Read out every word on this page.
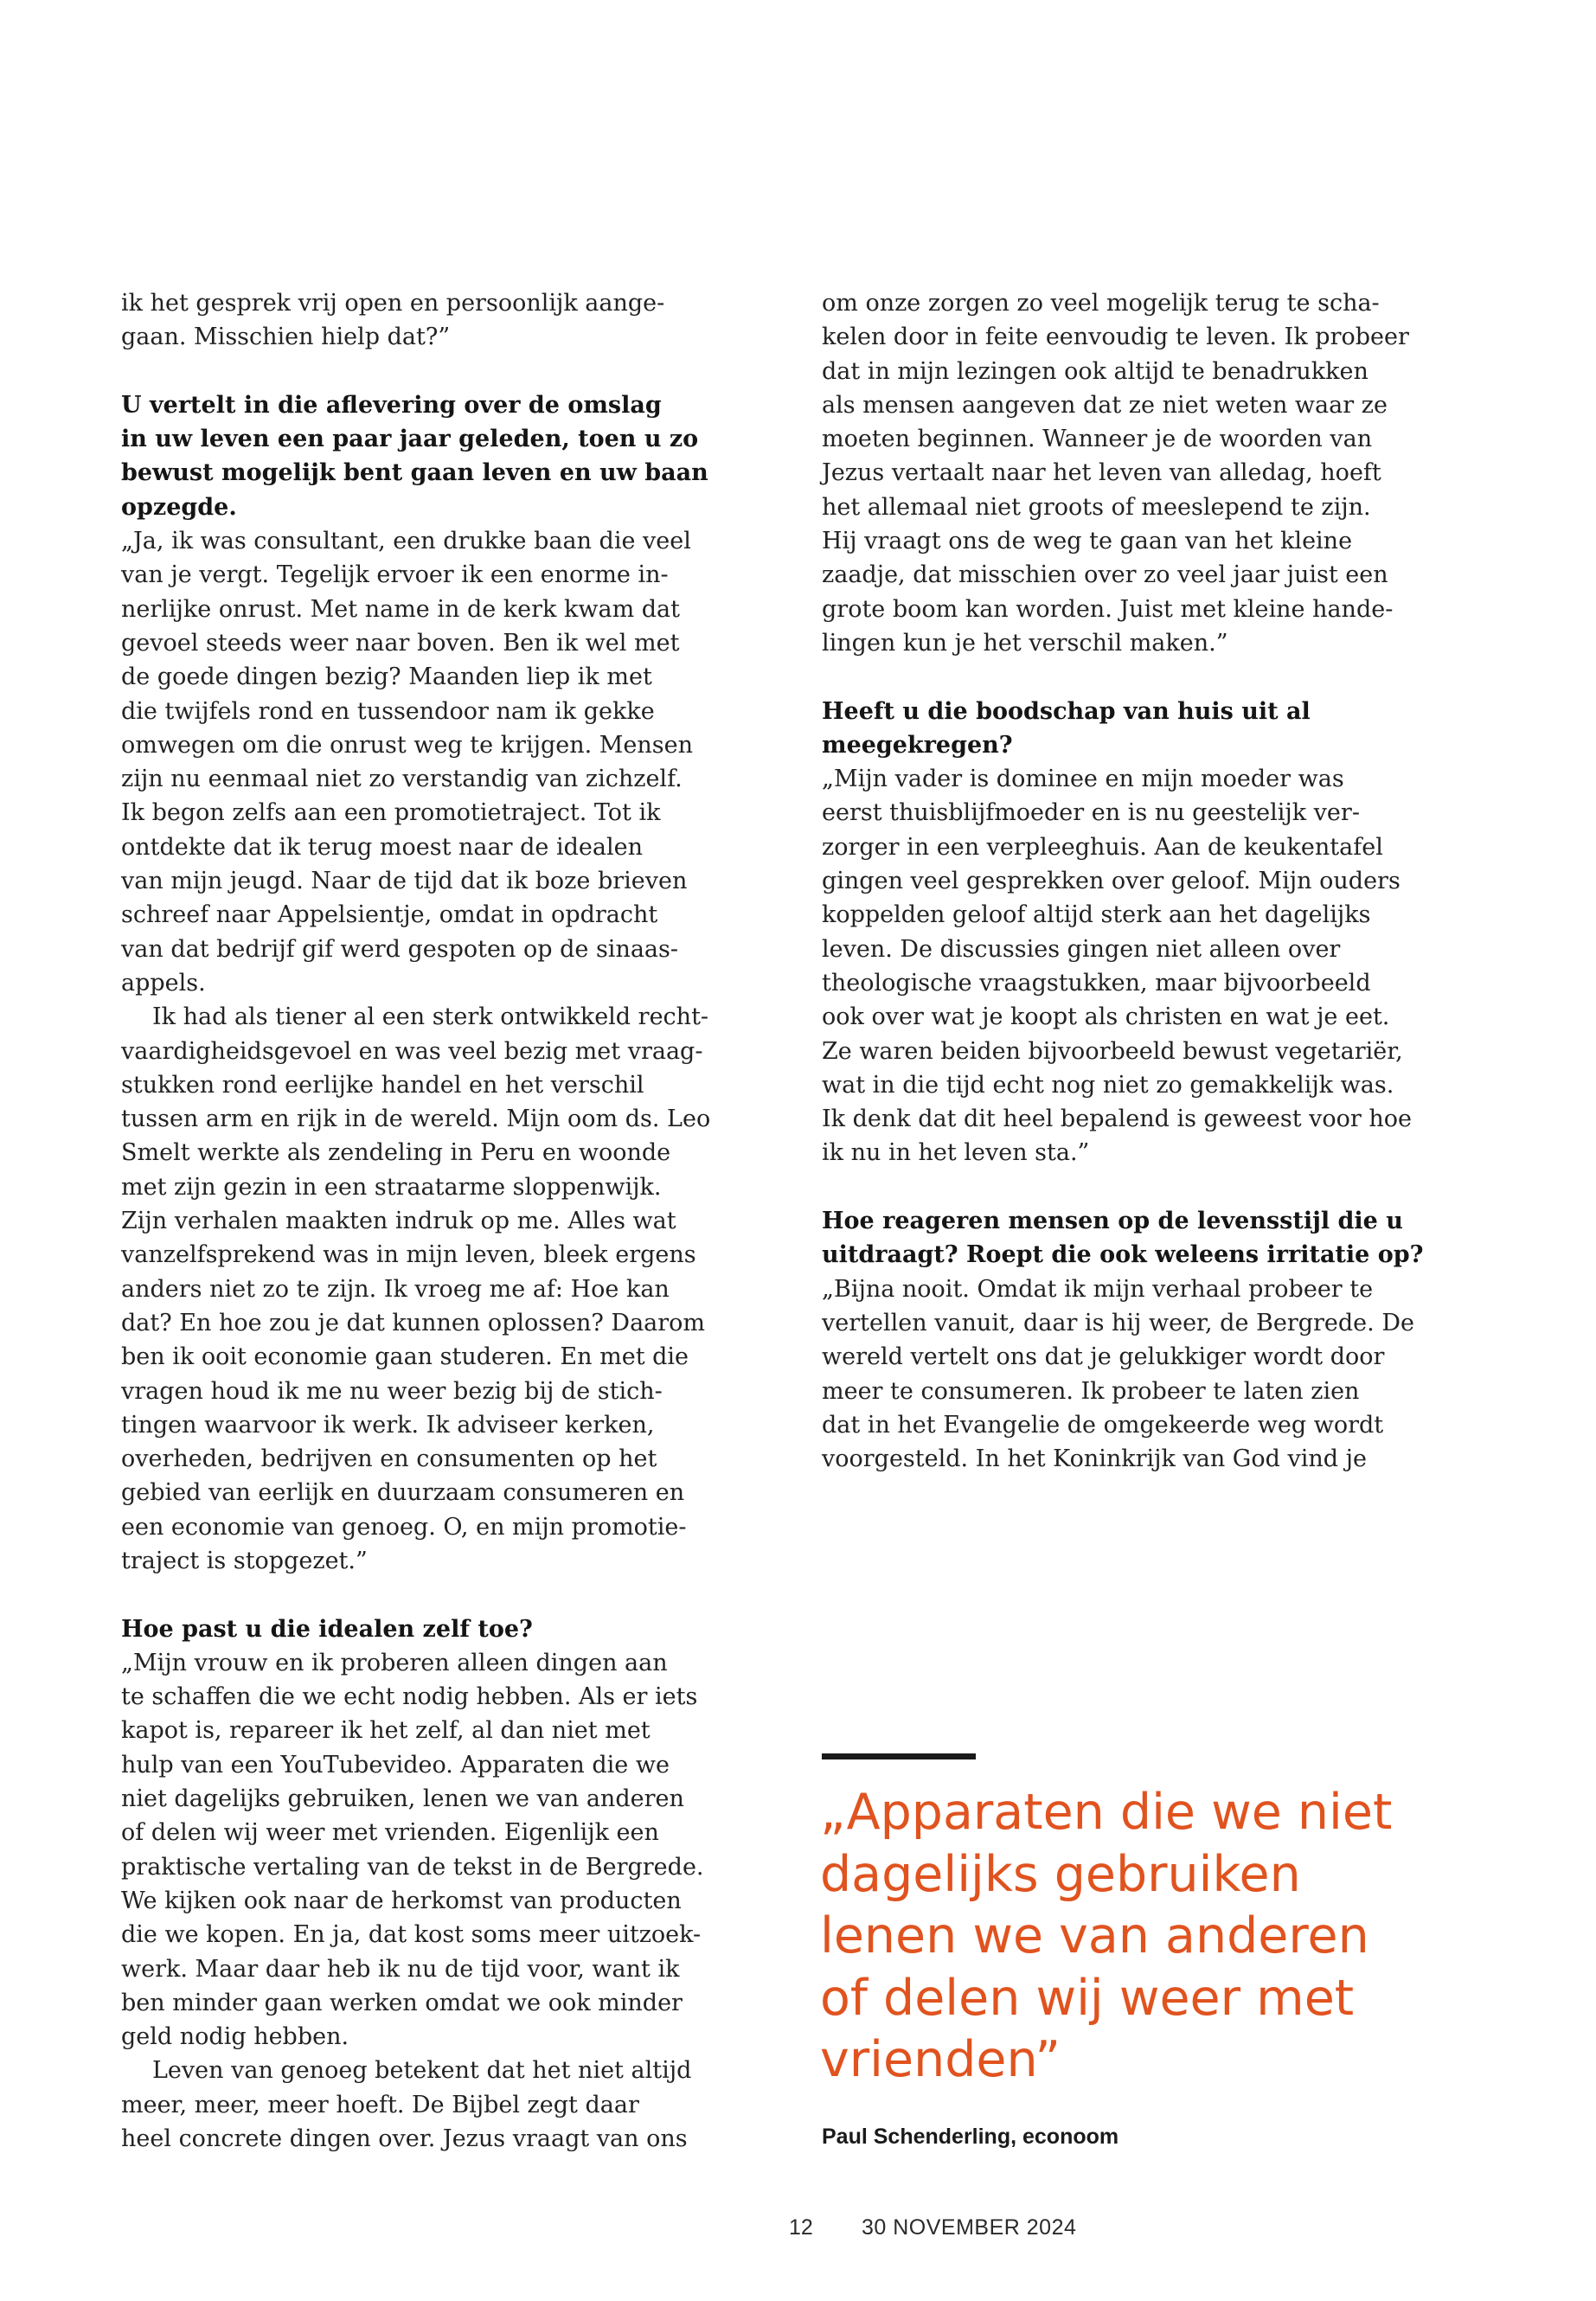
ik het gesprek vrij open en persoonlijk aange-
gaan. Misschien hielp dat?”
U vertelt in die aflevering over de omslag
in uw leven een paar jaar geleden, toen u zo
bewust mogelijk bent gaan leven en uw baan
opzegde.
„Ja, ik was consultant, een drukke baan die veel
van je vergt. Tegelijk ervoer ik een enorme in-
nerlijke onrust. Met name in de kerk kwam dat
gevoel steeds weer naar boven. Ben ik wel met
de goede dingen bezig? Maanden liep ik met
die twijfels rond en tussendoor nam ik gekke
omwegen om die onrust weg te krijgen. Mensen
zijn nu eenmaal niet zo verstandig van zichzelf.
Ik begon zelfs aan een promotietraject. Tot ik
ontdekte dat ik terug moest naar de idealen
van mijn jeugd. Naar de tijd dat ik boze brieven
schreef naar Appelsientje, omdat in opdracht
van dat bedrijf gif werd gespoten op de sinaas-
appels.
Ik had als tiener al een sterk ontwikkeld recht-
vaardigheidsgevoel en was veel bezig met vraag-
stukken rond eerlijke handel en het verschil
tussen arm en rijk in de wereld. Mijn oom ds. Leo
Smelt werkte als zendeling in Peru en woonde
met zijn gezin in een straatarme sloppenwijk.
Zijn verhalen maakten indruk op me. Alles wat
vanzelfsprekend was in mijn leven, bleek ergens
anders niet zo te zijn. Ik vroeg me af: Hoe kan
dat? En hoe zou je dat kunnen oplossen? Daarom
ben ik ooit economie gaan studeren. En met die
vragen houd ik me nu weer bezig bij de stich-
tingen waarvoor ik werk. Ik adviseer kerken,
overheden, bedrijven en consumenten op het
gebied van eerlijk en duurzaam consumeren en
een economie van genoeg. O, en mijn promotie-
traject is stopgezet.”
Hoe past u die idealen zelf toe?
„Mijn vrouw en ik proberen alleen dingen aan
te schaffen die we echt nodig hebben. Als er iets
kapot is, repareer ik het zelf, al dan niet met
hulp van een YouTubevideo. Apparaten die we
niet dagelijks gebruiken, lenen we van anderen
of delen wij weer met vrienden. Eigenlijk een
praktische vertaling van de tekst in de Bergrede.
We kijken ook naar de herkomst van producten
die we kopen. En ja, dat kost soms meer uitzoek-
werk. Maar daar heb ik nu de tijd voor, want ik
ben minder gaan werken omdat we ook minder
geld nodig hebben.
Leven van genoeg betekent dat het niet altijd
meer, meer, meer hoeft. De Bijbel zegt daar
heel concrete dingen over. Jezus vraagt van ons
om onze zorgen zo veel mogelijk terug te scha-
kelen door in feite eenvoudig te leven. Ik probeer
dat in mijn lezingen ook altijd te benadrukken
als mensen aangeven dat ze niet weten waar ze
moeten beginnen. Wanneer je de woorden van
Jezus vertaalt naar het leven van alledag, hoeft
het allemaal niet groots of meeslepend te zijn.
Hij vraagt ons de weg te gaan van het kleine
zaadje, dat misschien over zo veel jaar juist een
grote boom kan worden. Juist met kleine hande-
lingen kun je het verschil maken.”
Heeft u die boodschap van huis uit al
meegekregen?
„Mijn vader is dominee en mijn moeder was
eerst thuisblijfmoeder en is nu geestelijk ver-
zorger in een verpleeghuis. Aan de keukentafel
gingen veel gesprekken over geloof. Mijn ouders
koppelden geloof altijd sterk aan het dagelijks
leven. De discussies gingen niet alleen over
theologische vraagstukken, maar bijvoorbeeld
ook over wat je koopt als christen en wat je eet.
Ze waren beiden bijvoorbeeld bewust vegetariër,
wat in die tijd echt nog niet zo gemakkelijk was.
Ik denk dat dit heel bepalend is geweest voor hoe
ik nu in het leven sta.”
Hoe reageren mensen op de levensstijl die u
uitdraagt? Roept die ook weleens irritatie op?
„Bijna nooit. Omdat ik mijn verhaal probeer te
vertellen vanuit, daar is hij weer, de Bergrede. De
wereld vertelt ons dat je gelukkiger wordt door
meer te consumeren. Ik probeer te laten zien
dat in het Evangelie de omgekeerde weg wordt
voorgesteld. In het Koninkrijk van God vind je
„Apparaten die we niet
dagelijks gebruiken
lenen we van anderen
of delen wij weer met
vrienden”
Paul Schenderling, econoom
12 30 NOVEMBER 2024
